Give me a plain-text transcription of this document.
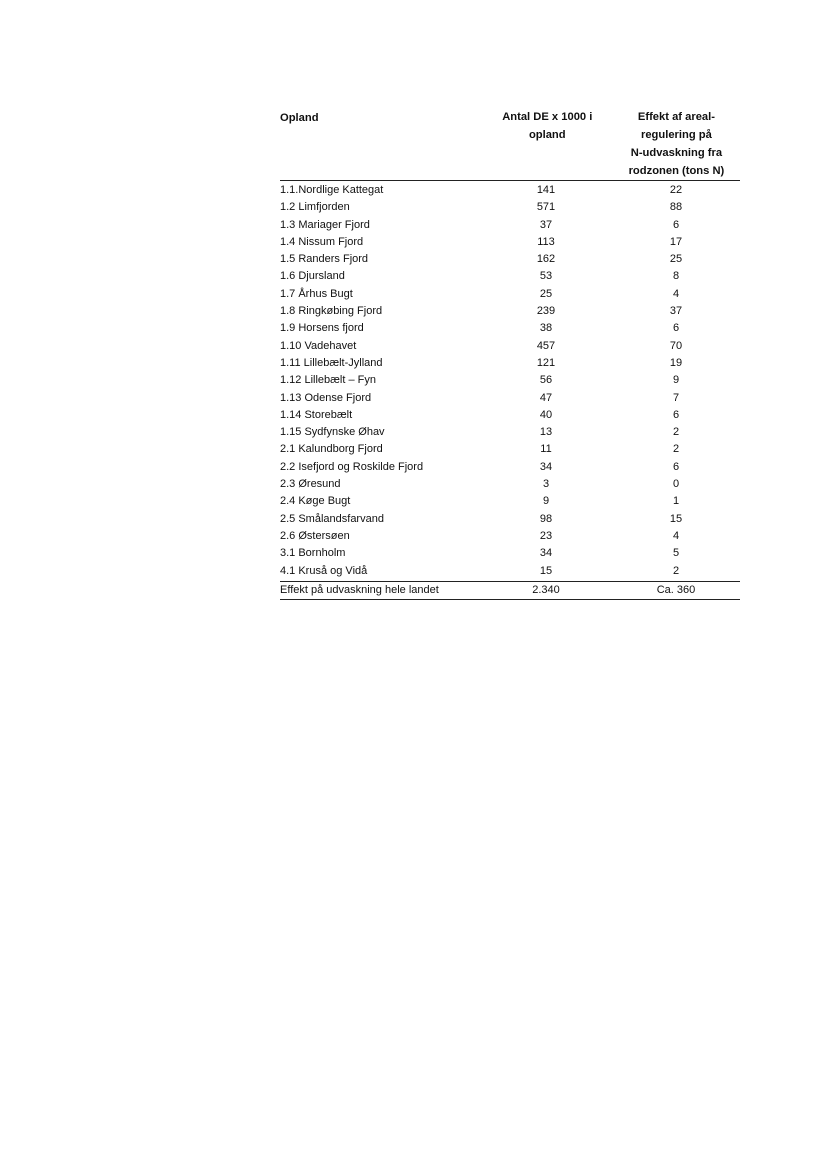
Opland	Antal DE x 1000 i
opland
Effekt af areal-
regulering på
N-udvaskning fra
rodzonen (tons N)
1.1.Nordlige Kattegat	141	22
1.2 Limfjorden	571	88
1.3 Mariager Fjord	37	6
1.4 Nissum Fjord	113	17
1.5 Randers Fjord	162	25
1.6 Djursland	53	8
1.7 Århus Bugt	25	4
1.8 Ringkøbing Fjord	239	37
1.9 Horsens fjord	38	6
1.10 Vadehavet	457	70
1.11 Lillebælt-Jylland	121	19
1.12 Lillebælt – Fyn	56	9
1.13 Odense Fjord	47	7
1.14 Storebælt	40	6
1.15 Sydfynske Øhav	13	2
2.1 Kalundborg Fjord	11	2
2.2 Isefjord og Roskilde Fjord	34	6
2.3 Øresund	3	0
2.4 Køge Bugt	9	1
2.5 Smålandsfarvand	98	15
2.6 Østersøen	23	4
3.1 Bornholm	34	5
4.1 Kruså og Vidå	15	2
Effekt på udvaskning hele landet	2.340	Ca. 360
